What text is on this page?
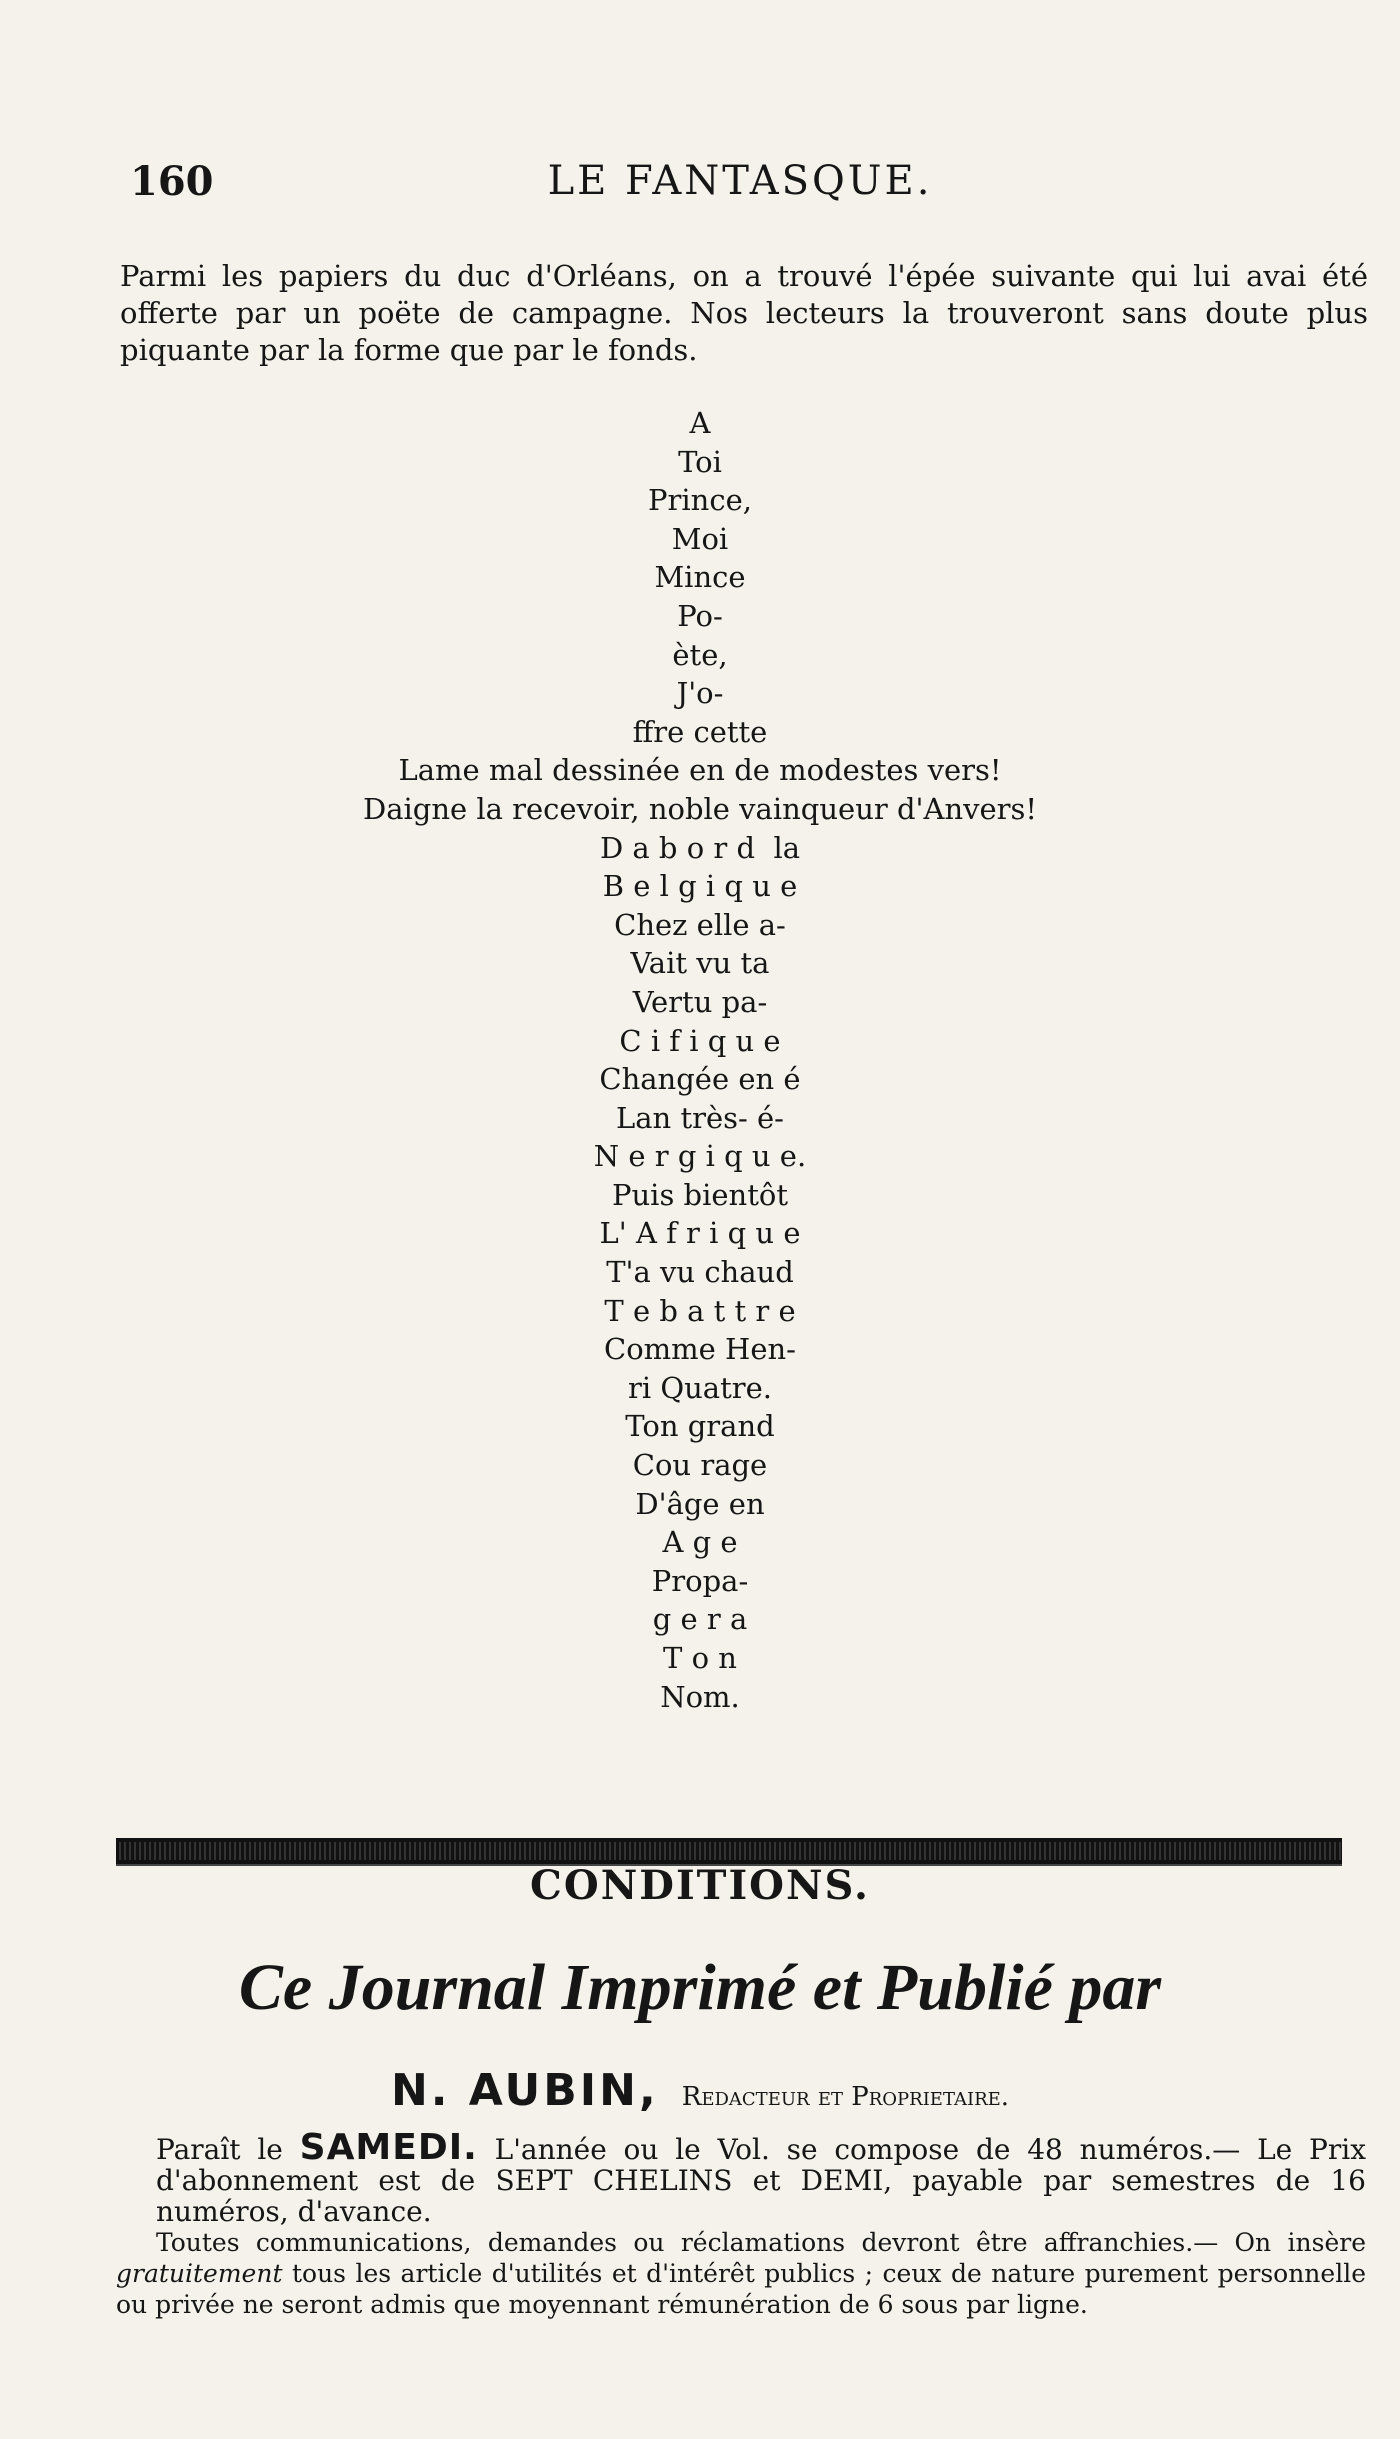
160	LE FANTASQUE.
Parmi les papiers du duc d'Orléans, on a trouvé l'épée suivante qui lui avai été offerte par un poëte de campagne. Nos lecteurs la trouveront sans doute plus piquante par la forme que par le fonds.
A
Toi
Prince,
Moi
Mince
Po-
ète,
J'o-
ffre cette
Lame mal dessinée en de modestes vers!
Daigne la recevoir, noble vainqueur d'Anvers!
D a b o r d  la
B e l g i q u e
Chez elle a-
Vait vu ta
Vertu pa-
C i f i q u e
Changée en é
Lan très- é-
N e r g i q u e.
Puis bientôt
L' A f r i q u e
T'a vu chaud
T e b a t t r e
Comme Hen-
ri Quatre.
Ton grand
Cou rage
D'âge en
A g e
Propa-
g e r a
T o n
Nom.
CONDITIONS.
Ce Journal Imprimé et Publié par
N. AUBIN, Redacteur et Proprietaire.

Paraît le SAMEDI. L'année ou le Vol. se compose de 48 numéros.— Le Prix d'abonnement est de SEPT CHELINS et DEMI, payable par semestres de 16 numéros, d'avance.

Toutes communications, demandes ou réclamations devront être affranchies.— On insère gratuitement tous les article d'utilités et d'intérêt publics ; ceux de nature purement personnelle ou privée ne seront admis que moyennant rémunération de 6 sous par ligne.
